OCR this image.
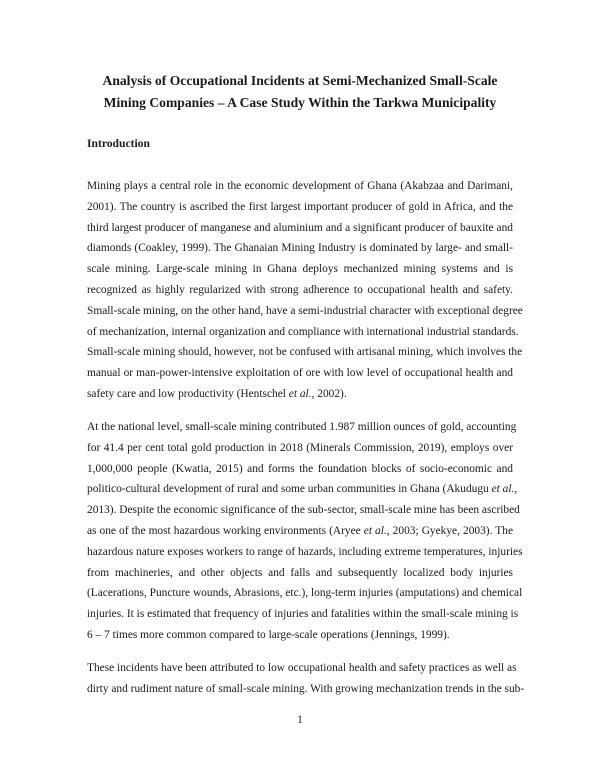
Analysis of Occupational Incidents at Semi-Mechanized Small-Scale
Mining Companies – A Case Study Within the Tarkwa Municipality
Introduction
Mining plays a central role in the economic development of Ghana (Akabzaa and Darimani,
2001). The country is ascribed the first largest important producer of gold in Africa, and the
third largest producer of manganese and aluminium and a significant producer of bauxite and
diamonds (Coakley, 1999). The Ghanaian Mining Industry is dominated by large- and small-
scale mining. Large-scale mining in Ghana deploys mechanized mining systems and is
recognized as highly regularized with strong adherence to occupational health and safety.
Small-scale mining, on the other hand, have a semi-industrial character with exceptional degree
of mechanization, internal organization and compliance with international industrial standards.
Small-scale mining should, however, not be confused with artisanal mining, which involves the
manual or man-power-intensive exploitation of ore with low level of occupational health and
safety care and low productivity (Hentschel et al., 2002).
At the national level, small-scale mining contributed 1.987 million ounces of gold, accounting
for 41.4 per cent total gold production in 2018 (Minerals Commission, 2019), employs over
1,000,000 people (Kwatia, 2015) and forms the foundation blocks of socio-economic and
politico-cultural development of rural and some urban communities in Ghana (Akudugu et al.,
2013). Despite the economic significance of the sub-sector, small-scale mine has been ascribed
as one of the most hazardous working environments (Aryee et al., 2003; Gyekye, 2003). The
hazardous nature exposes workers to range of hazards, including extreme temperatures, injuries
from machineries, and other objects and falls and subsequently localized body injuries
(Lacerations, Puncture wounds, Abrasions, etc.), long-term injuries (amputations) and chemical
injuries. It is estimated that frequency of injuries and fatalities within the small-scale mining is
6 – 7 times more common compared to large-scale operations (Jennings, 1999).
These incidents have been attributed to low occupational health and safety practices as well as
dirty and rudiment nature of small-scale mining. With growing mechanization trends in the sub-
1
